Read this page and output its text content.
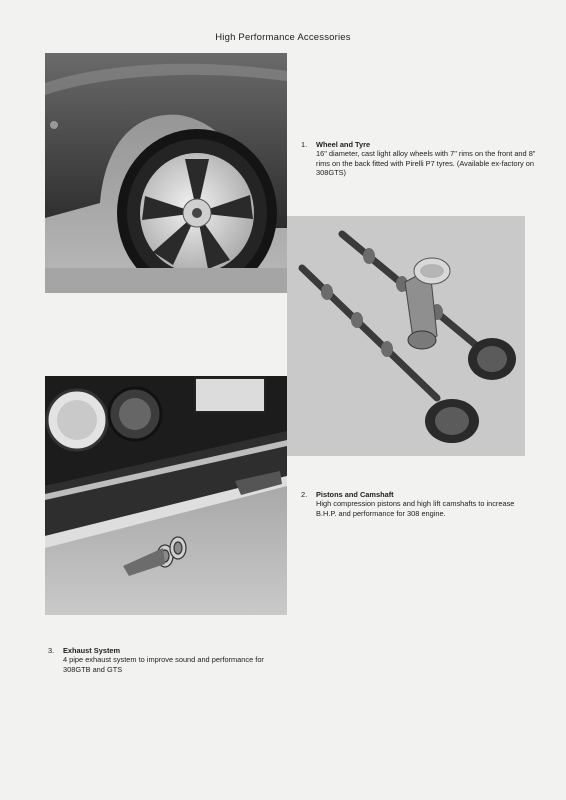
High Performance Accessories
1. Wheel and Tyre
16" diameter, cast light alloy wheels with 7" rims on the front and 8" rims on the back fitted with Pirelli P7 tyres. (Available ex-factory on 308GTS)
2. Pistons and Camshaft
High compression pistons and high lift camshafts to increase B.H.P. and performance for 308 engine.
3. Exhaust System
4 pipe exhaust system to improve sound and performance for 308GTB and GTS
